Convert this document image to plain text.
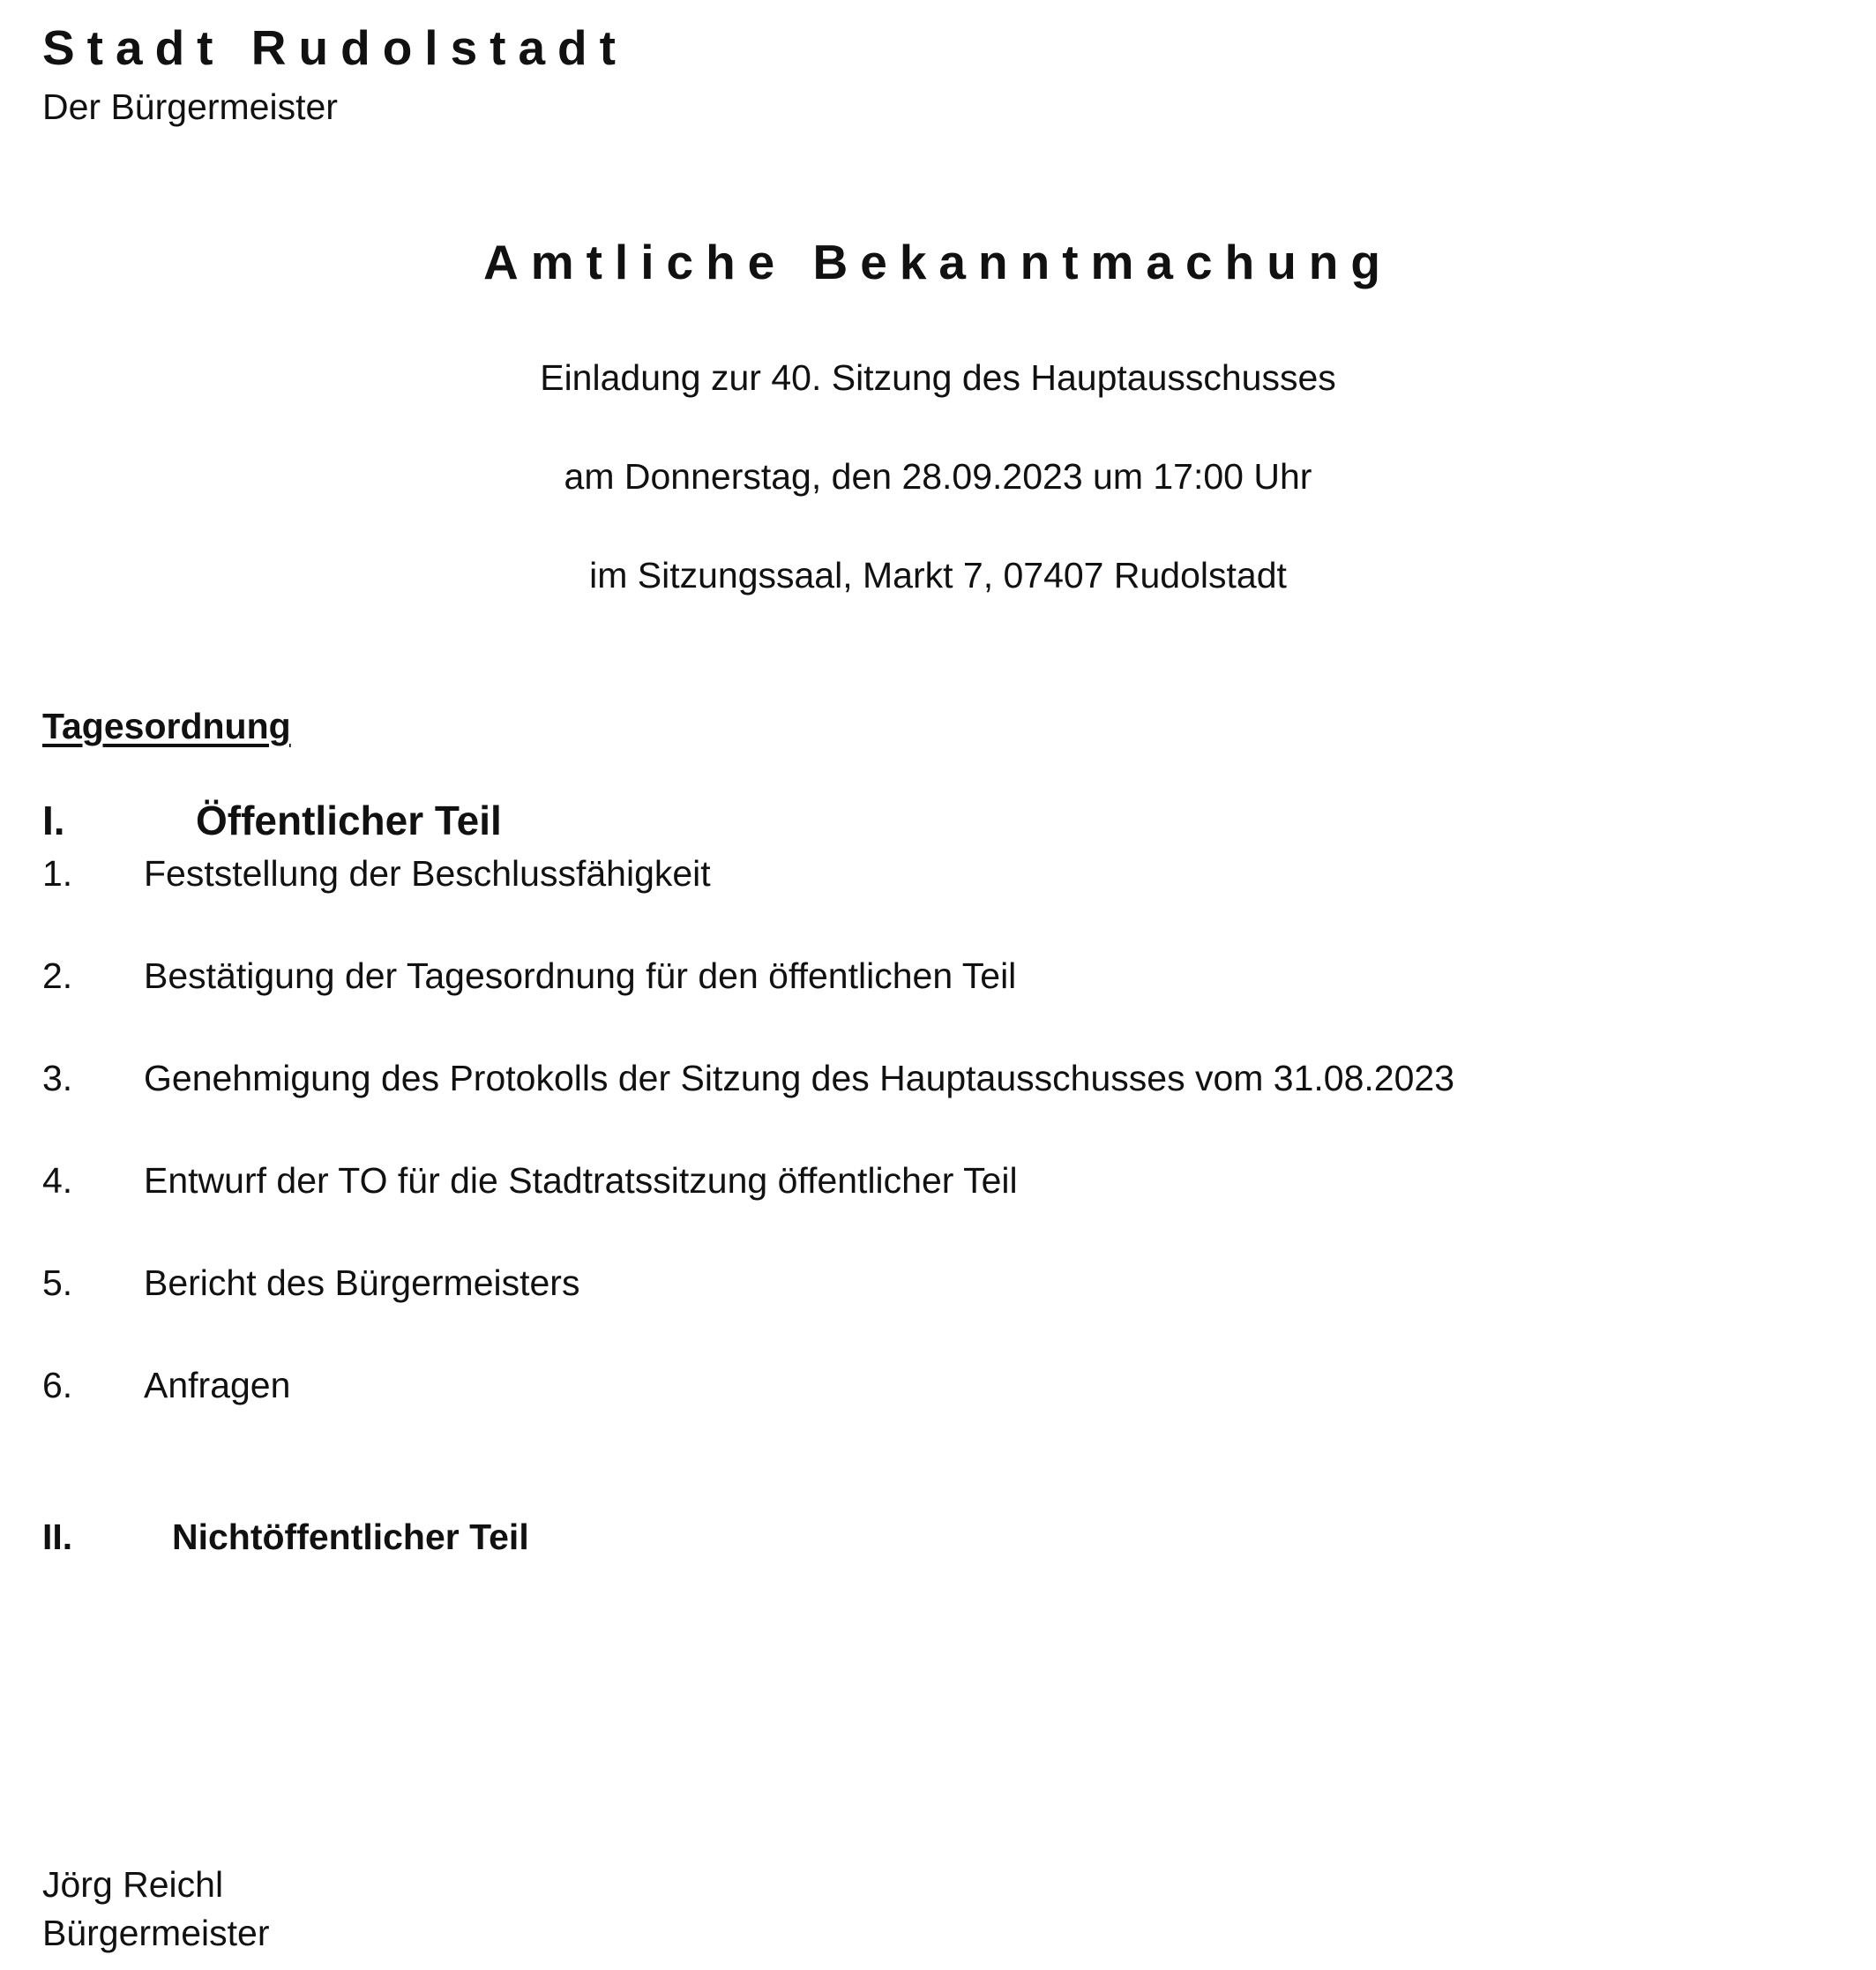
Stadt Rudolstadt
Der Bürgermeister
Amtliche Bekanntmachung
Einladung zur 40. Sitzung des Hauptausschusses
am Donnerstag, den 28.09.2023 um 17:00 Uhr
im Sitzungssaal, Markt 7, 07407 Rudolstadt
Tagesordnung
I.	Öffentlicher Teil
1. Feststellung der Beschlussfähigkeit
2. Bestätigung der Tagesordnung für den öffentlichen Teil
3. Genehmigung des Protokolls der Sitzung des Hauptausschusses vom 31.08.2023
4. Entwurf der TO für die Stadtratssitzung öffentlicher Teil
5. Bericht des Bürgermeisters
6. Anfragen
II.	Nichtöffentlicher Teil
Jörg Reichl
Bürgermeister
